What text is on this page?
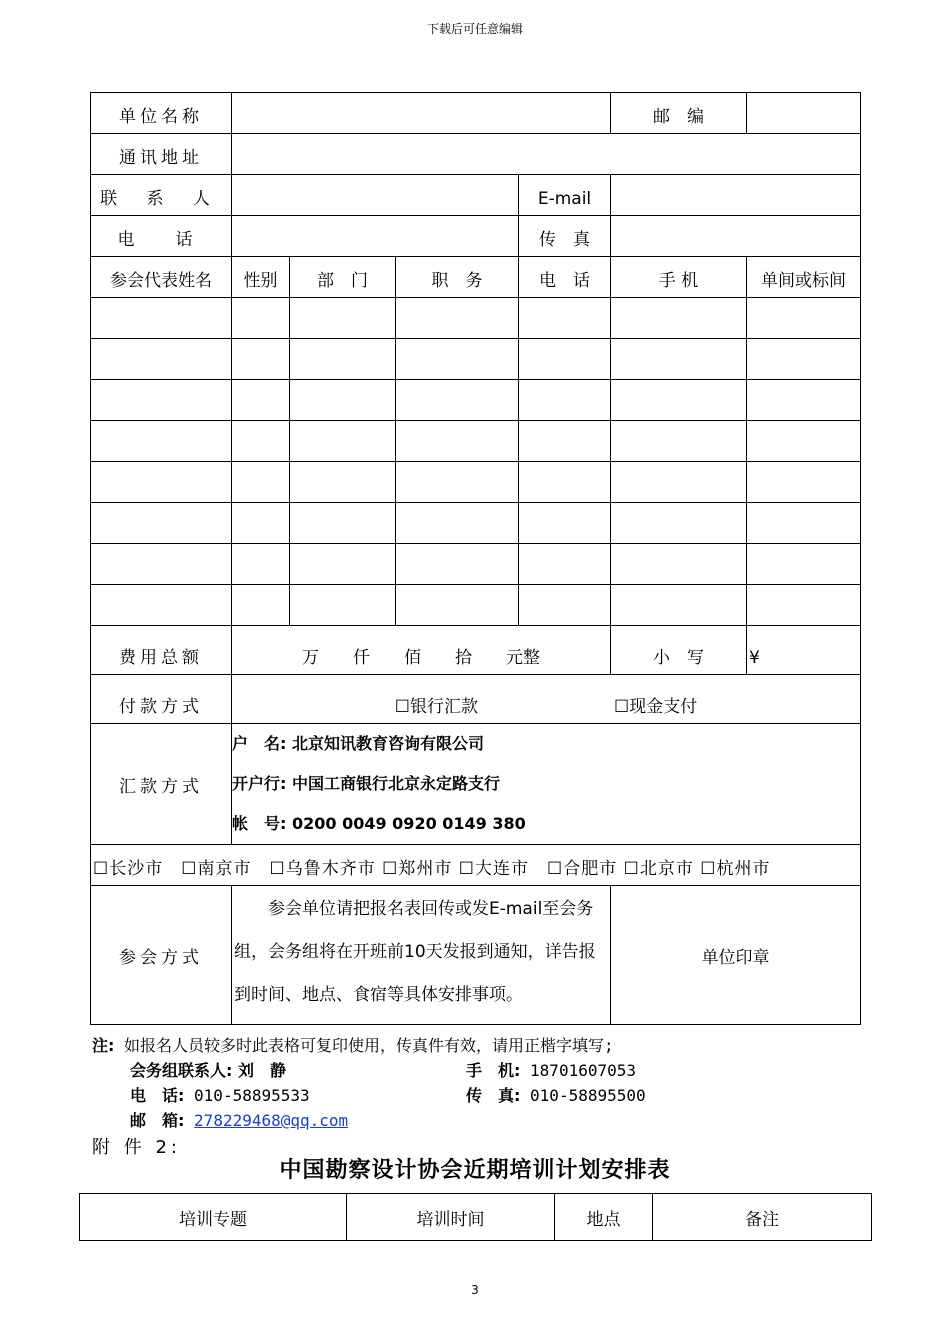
下载后可任意编辑
单位名称					邮　编	
通讯地址						
联 系 人				E-mail		
电　话				传　真		
参会代表姓名	性别	部　门	职　务	电　话	手 机	单间或标间

费用总额	万　　仟　　佰　　拾　　元整				小　写	¥
付款方式	☐银行汇款　　　　　　　　☐现金支付					
汇款方式	户　名: 北京知讯教育咨询有限公司
开户行: 中国工商银行北京永定路支行
帐　号: 0200 0049 0920 0149 380					

☐长沙市　☐南京市　☐乌鲁木齐市 ☐郑州市 ☐大连市　☐合肥市 ☐北京市 ☐杭州市						
参会方式	　　参会单位请把报名表回传或发E-mail至会务组，会务组将在开班前10天发报到通知，详告报到时间、地点、食宿等具体安排事项。				单位印章	
注: 如报名人员较多时此表格可复印使用，传真件有效，请用正楷字填写;
会务组联系人: 刘　静	手　机: 18701607053
电　话: 010-58895533	传　真: 010-58895500
邮　箱: 278229468@qq.com
附 件 2:
中国勘察设计协会近期培训计划安排表
培训专题	培训时间	地点	备注
3
